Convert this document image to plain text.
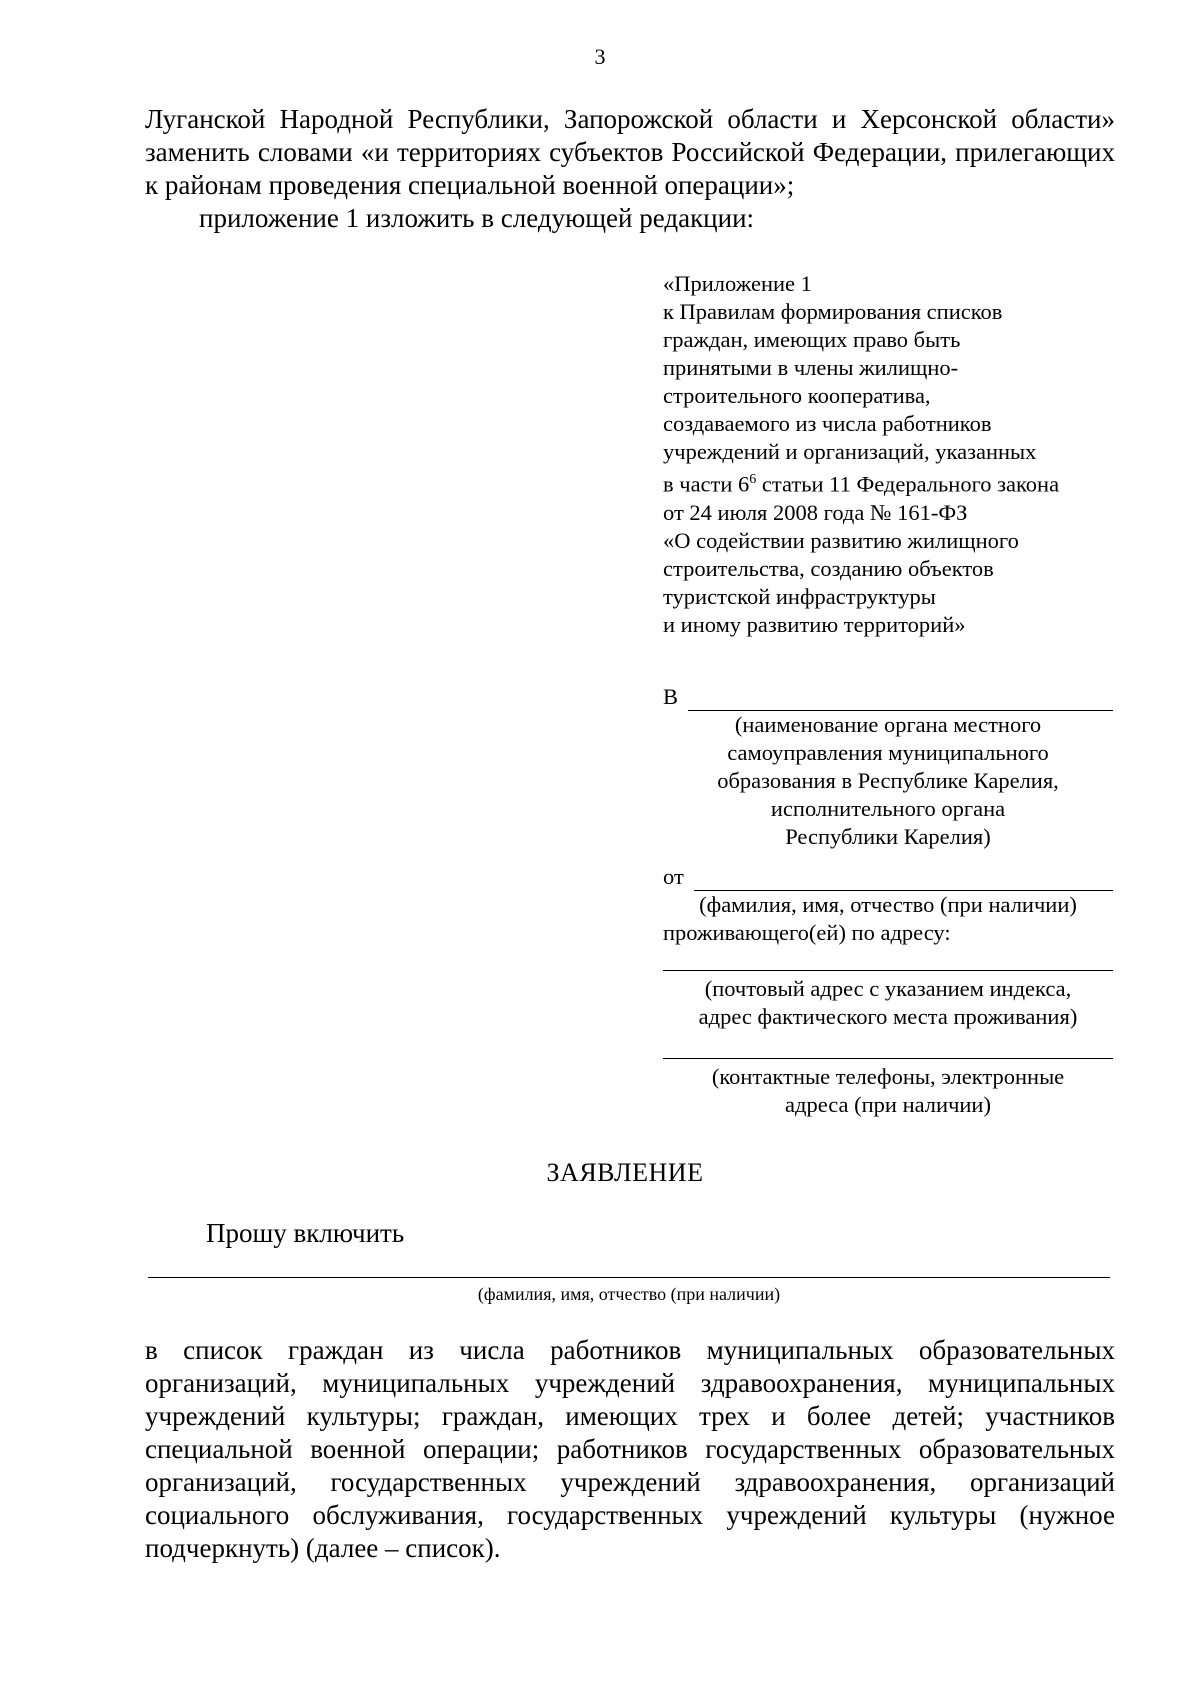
3

Луганской Народной Республики, Запорожской области и Херсонской области» заменить словами «и территориях субъектов Российской Федерации, прилегающих к районам проведения специальной военной операции»;

приложение 1 изложить в следующей редакции:

«Приложение 1
к Правилам формирования списков
граждан, имеющих право быть
принятыми в члены жилищно-
строительного кооператива,
создаваемого из числа работников
учреждений и организаций, указанных
в части $6^6$ статьи 11 Федерального закона
от 24 июля 2008 года № 161-ФЗ
«О содействии развитию жилищного
строительства, созданию объектов
туристской инфраструктуры
и иному развитию территорий»
В
(наименование органа местного
самоуправления муниципального
образования в Республике Карелия,
исполнительного органа
Республики Карелия)
от
(фамилия, имя, отчество (при наличии)
проживающего(ей) по адресу:
(почтовый адрес с указанием индекса,
адрес фактического места проживания)
(контактные телефоны, электронные
адреса (при наличии)
ЗАЯВЛЕНИЕ
Прошу включить
(фамилия, имя, отчество (при наличии)

в список граждан из числа работников муниципальных образовательных организаций, муниципальных учреждений здравоохранения, муниципальных учреждений культуры; граждан, имеющих трех и более детей; участников специальной военной операции; работников государственных образовательных организаций, государственных учреждений здравоохранения, организаций социального обслуживания, государственных учреждений культуры (нужное подчеркнуть) (далее – список).
